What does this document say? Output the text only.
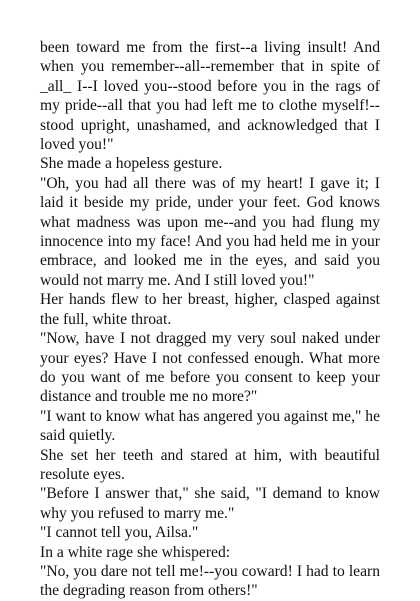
been toward me from the first--a living insult! And when you remember--all--remember that in spite of _all_ I--I loved you--stood before you in the rags of my pride--all that you had left me to clothe myself!--stood upright, unashamed, and acknowledged that I loved you!"

She made a hopeless gesture.

"Oh, you had all there was of my heart! I gave it; I laid it beside my pride, under your feet. God knows what madness was upon me--and you had flung my innocence into my face! And you had held me in your embrace, and looked me in the eyes, and said you would not marry me. And I still loved you!"

Her hands flew to her breast, higher, clasped against the full, white throat.

"Now, have I not dragged my very soul naked under your eyes? Have I not confessed enough. What more do you want of me before you consent to keep your distance and trouble me no more?"

"I want to know what has angered you against me," he said quietly.

She set her teeth and stared at him, with beautiful resolute eyes.

"Before I answer that," she said, "I demand to know why you refused to marry me."

"I cannot tell you, Ailsa."

In a white rage she whispered:

"No, you dare not tell me!--you coward! I had to learn the degrading reason from others!"
